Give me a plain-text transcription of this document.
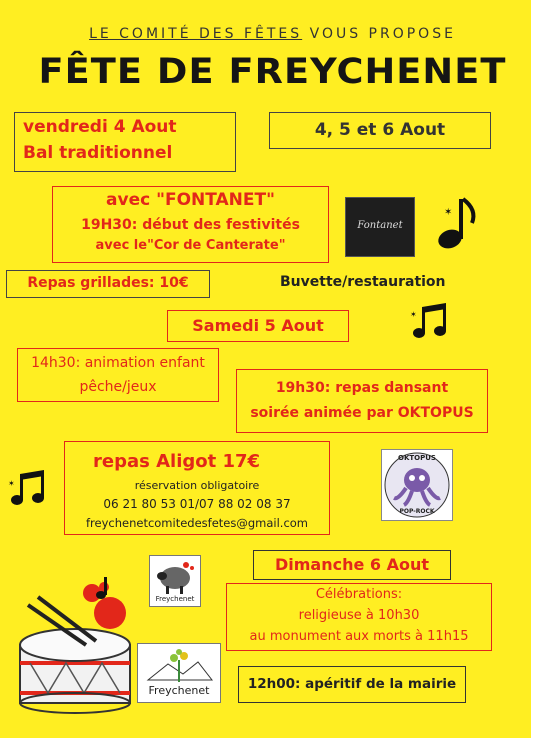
LE COMITÉ DES FÊTES VOUS PROPOSE
FÊTE DE FREYCHENET
vendredi 4 Aout
Bal traditionnel
4, 5 et 6 Aout
avec "FONTANET"
19H30: début des festivités
avec le"Cor de Canterate"
Fontanet
✶
Repas grillades: 10€	Buvette/restauration
✶
Samedi 5 Aout
14h30: animation enfant
pêche/jeux	19h30: repas dansant
soirée animée par OKTOPUS
✶
repas Aligot 17€
réservation obligatoire
06 21 80 53 01/07 88 02 08 37
freychenetcomitedesfetes@gmail.com
OKTOPUS
POP-ROCK
Freychenet
Dimanche 6 Aout
Célébrations:
religieuse à 10h30
au monument aux morts à 11h15
Freychenet	12h00: apéritif de la mairie
